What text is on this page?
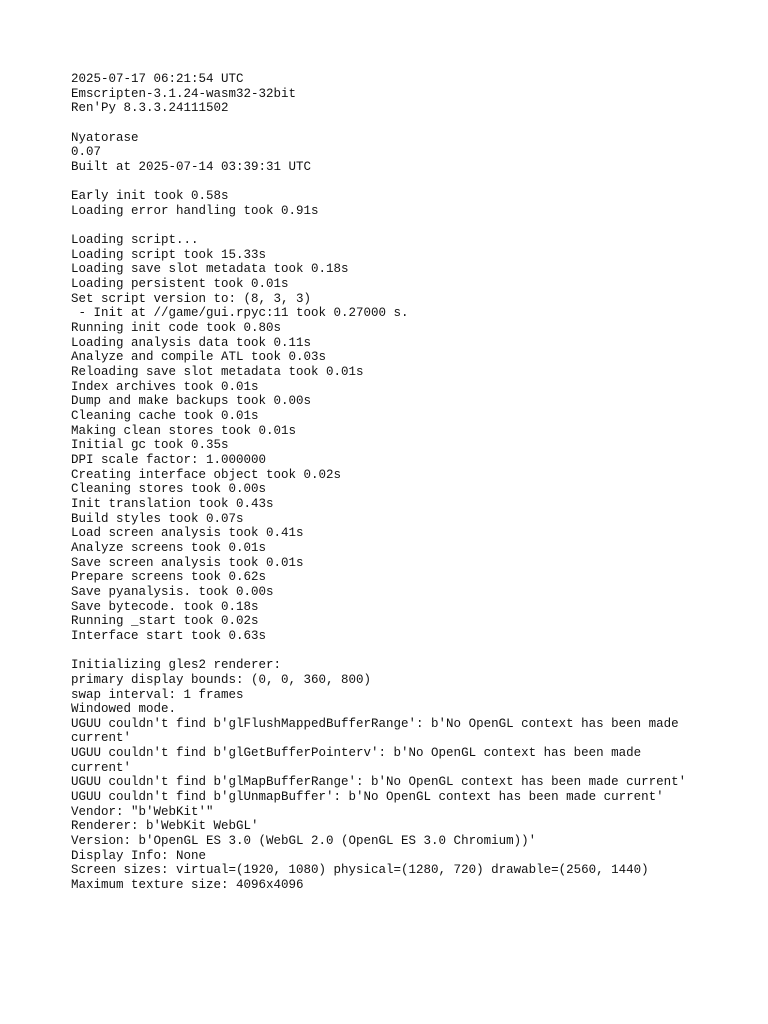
2025-07-17 06:21:54 UTC
Emscripten-3.1.24-wasm32-32bit
Ren'Py 8.3.3.24111502
Nyatorase
0.07
Built at 2025-07-14 03:39:31 UTC
Early init took 0.58s
Loading error handling took 0.91s
Loading script...
Loading script took 15.33s
Loading save slot metadata took 0.18s
Loading persistent took 0.01s
Set script version to: (8, 3, 3)
- Init at //game/gui.rpyc:11 took 0.27000 s.
Running init code took 0.80s
Loading analysis data took 0.11s
Analyze and compile ATL took 0.03s
Reloading save slot metadata took 0.01s
Index archives took 0.01s
Dump and make backups took 0.00s
Cleaning cache took 0.01s
Making clean stores took 0.01s
Initial gc took 0.35s
DPI scale factor: 1.000000
Creating interface object took 0.02s
Cleaning stores took 0.00s
Init translation took 0.43s
Build styles took 0.07s
Load screen analysis took 0.41s
Analyze screens took 0.01s
Save screen analysis took 0.01s
Prepare screens took 0.62s
Save pyanalysis. took 0.00s
Save bytecode. took 0.18s
Running _start took 0.02s
Interface start took 0.63s
Initializing gles2 renderer:
primary display bounds: (0, 0, 360, 800)
swap interval: 1 frames
Windowed mode.
UGUU couldn't find b'glFlushMappedBufferRange': b'No OpenGL context has been made
current'
UGUU couldn't find b'glGetBufferPointerv': b'No OpenGL context has been made
current'
UGUU couldn't find b'glMapBufferRange': b'No OpenGL context has been made current'
UGUU couldn't find b'glUnmapBuffer': b'No OpenGL context has been made current'
Vendor: "b'WebKit'"
Renderer: b'WebKit WebGL'
Version: b'OpenGL ES 3.0 (WebGL 2.0 (OpenGL ES 3.0 Chromium))'
Display Info: None
Screen sizes: virtual=(1920, 1080) physical=(1280, 720) drawable=(2560, 1440)
Maximum texture size: 4096x4096
